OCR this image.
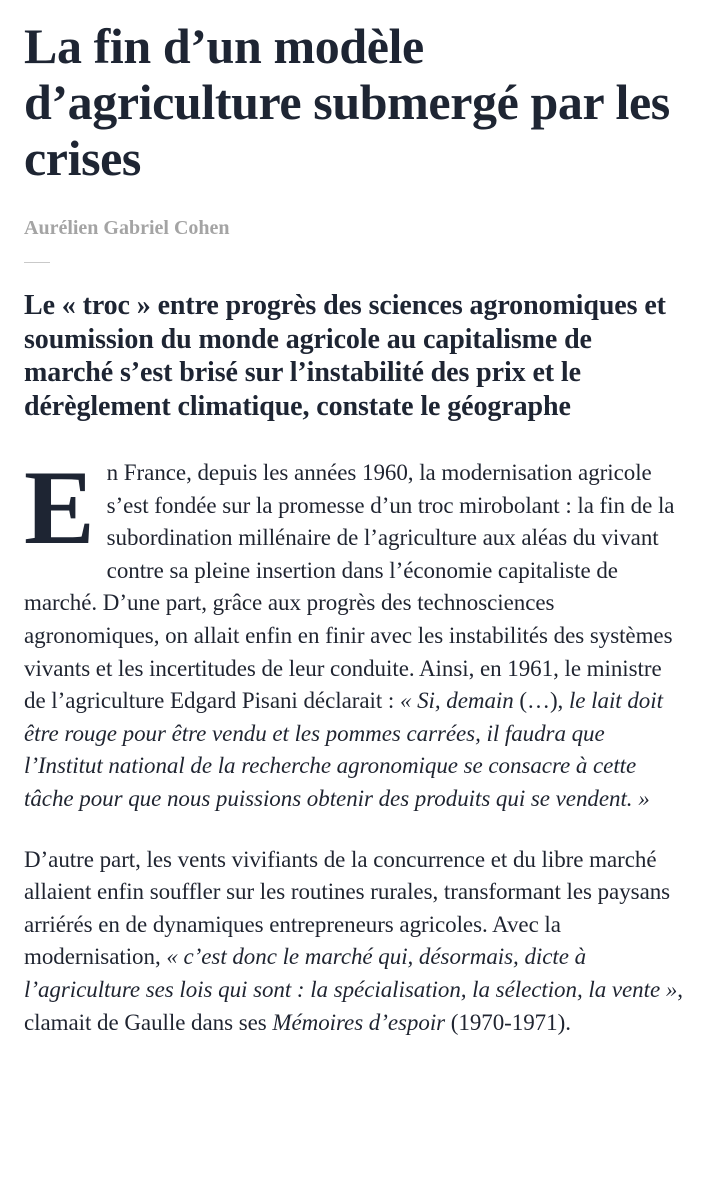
La fin d’un modèle d’agriculture submergé par les crises
Aurélien Gabriel Cohen
Le « troc » entre progrès des sciences agronomiques et soumission du monde agricole au capitalisme de marché s’est brisé sur l’instabilité des prix et le dérèglement climatique, constate le géographe

En France, depuis les années 1960, la modernisation agricole s’est fondée sur la promesse d’un troc mirobolant : la fin de la subordination millénaire de l’agriculture aux aléas du vivant contre sa pleine insertion dans l’économie capitaliste de marché. D’une part, grâce aux progrès des technosciences agronomiques, on allait enfin en finir avec les instabilités des systèmes vivants et les incertitudes de leur conduite. Ainsi, en 1961, le ministre de l’agriculture Edgard Pisani déclarait : « Si, demain (…), le lait doit être rouge pour être vendu et les pommes carrées, il faudra que l’Institut national de la recherche agronomique se consacre à cette tâche pour que nous puissions obtenir des produits qui se vendent. »

D’autre part, les vents vivifiants de la concurrence et du libre marché allaient enfin souffler sur les routines rurales, transformant les paysans arriérés en de dynamiques entrepreneurs agricoles. Avec la modernisation, « c’est donc le marché qui, désormais, dicte à l’agriculture ses lois qui sont : la spécialisation, la sélection, la vente », clamait de Gaulle dans ses Mémoires d’espoir (1970-1971).
